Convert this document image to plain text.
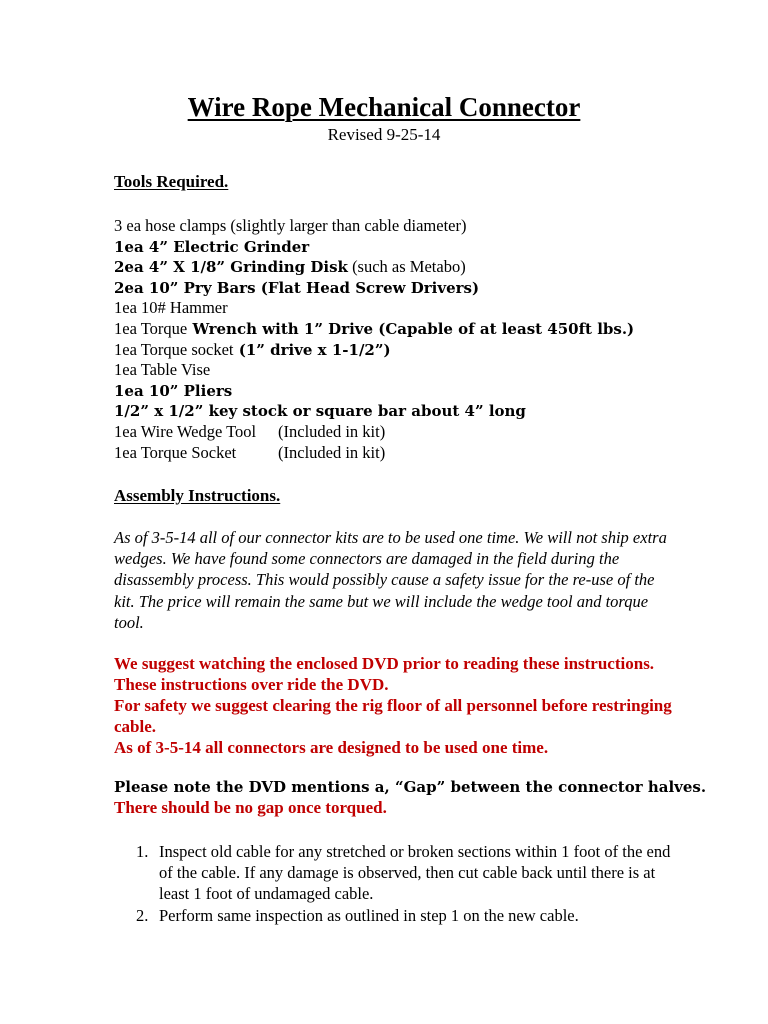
Wire Rope Mechanical Connector
Revised 9-25-14
Tools Required.
3 ea hose clamps (slightly larger than cable diameter)
1ea 4” Electric Grinder
2ea 4” X 1/8” Grinding Disk (such as Metabo)
2ea 10” Pry Bars (Flat Head Screw Drivers)
1ea 10# Hammer
1ea Torque Wrench with 1” Drive (Capable of at least 450ft lbs.)
1ea Torque socket (1” drive x 1-1/2”)
1ea Table Vise
1ea 10” Pliers
1/2” x 1/2” key stock or square bar about 4” long
1ea Wire Wedge Tool (Included in kit)
1ea Torque Socket	(Included in kit)
Assembly Instructions.

As of 3-5-14 all of our connector kits are to be used one time. We will not ship extra wedges. We have found some connectors are damaged in the field during the disassembly process. This would possibly cause a safety issue for the re-use of the kit. The price will remain the same but we will include the wedge tool and torque tool.

We suggest watching the enclosed DVD prior to reading these instructions. These instructions over ride the DVD.
For safety we suggest clearing the rig floor of all personnel before restringing cable.
As of 3-5-14 all connectors are designed to be used one time.

Please note the DVD mentions a, “Gap” between the connector halves.

There should be no gap once torqued.

1. Inspect old cable for any stretched or broken sections within 1 foot of the end of the cable. If any damage is observed, then cut cable back until there is at least 1 foot of undamaged cable.
2. Perform same inspection as outlined in step 1 on the new cable.
